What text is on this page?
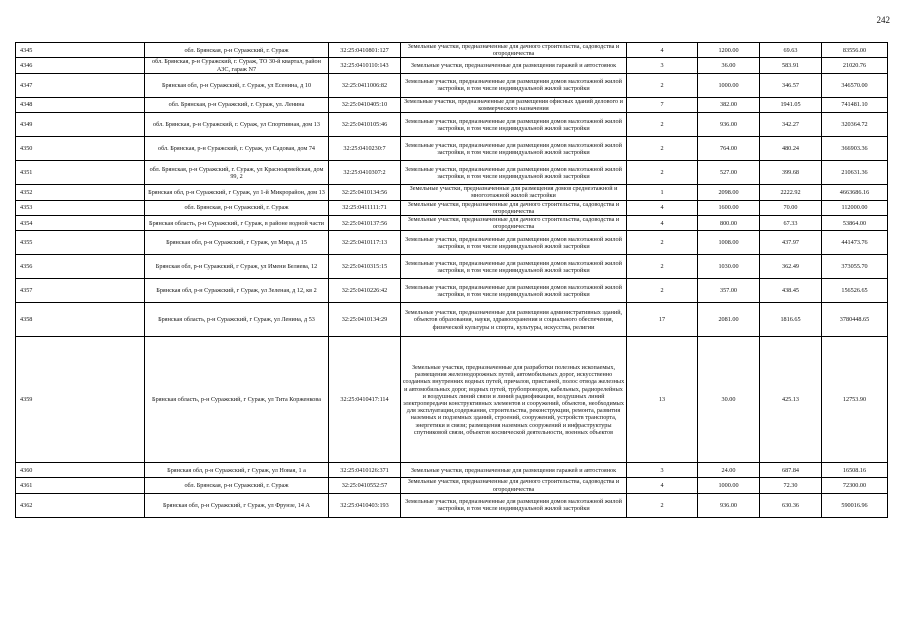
242
4345	обл. Брянская, р-н Суражский, г. Сураж	32:25:0410801:127	Земельные участки, предназначенные для дачного строительства, садоводства и огородничества	4	1200.00	69.63	83556.00
4346	обл. Брянская, р-н Суражский, г. Сураж, ТО 30-й квартал, район АЗС, гараж N7	32:25:0410110:143	Земельные участки, предназначенные для размещения гаражей и автостоянок	3	36.00	583.91	21020.76
4347	Брянская обл, р-н Суражский, г. Сураж, ул Есенина, д 10	32:25:0411006:82	Земельные участки, предназначенные для размещения домов малоэтажной жилой застройки, в том числе индивидуальной жилой застройки	2	1000.00	346.57	346570.00
4348	обл. Брянская, р-н Суражский, г. Сураж, ул. Ленина	32:25:0410405:10	Земельные участки, предназначенные для размещения офисных зданий делового и коммерческого назначения	7	382.00	1941.05	741481.10
4349	обл. Брянская, р-н Суражский, г. Сураж, ул Спортивная, дом 13	32:25:0410105:46	Земельные участки, предназначенные для размещения домов малоэтажной жилой застройки, в том числе индивидуальной жилой застройки	2	936.00	342.27	320364.72
4350	обл. Брянская, р-н Суражский, г. Сураж, ул Садовая, дом 74	32:25:0410230:7	Земельные участки, предназначенные для размещения домов малоэтажной жилой застройки, в том числе индивидуальной жилой застройки	2	764.00	480.24	366903.36
4351	обл. Брянская, р-н Суражский, г. Сураж, ул Красноармейская, дом 99, 2	32:25:0410307:2	Земельные участки, предназначенные для размещения домов малоэтажной жилой застройки, в том числе индивидуальной жилой застройки	2	527.00	399.68	210631.36
4352	Брянская обл, р-н Суражский, г Сураж, ул 1-й Микрорайон, дом 13	32:25:0410134:56	Земельные участки, предназначенные для размещения домов среднеэтажной и многоэтажной жилой застройки	1	2098.00	2222.92	4663686.16
4353	обл. Брянская, р-н Суражский, г. Сураж	32:25:0411111:71	Земельные участки, предназначенные для дачного строительства, садоводства и огородничества	4	1600.00	70.00	112000.00
4354	Брянская область, р-н Суражский, г Сураж, в районе водной части	32:25:0410137:56	Земельные участки, предназначенные для дачного строительства, садоводства и огородничества	4	800.00	67.33	53864.00
4355	Брянская обл, р-н Суражский, г Сураж, ул Мира, д 15	32:25:0410117:13	Земельные участки, предназначенные для размещения домов малоэтажной жилой застройки, в том числе индивидуальной жилой застройки	2	1008.00	437.97	441473.76
4356	Брянская обл, р-н Суражский, г Сураж, ул Имени Беляева, 12	32:25:0410315:15	Земельные участки, предназначенные для размещения домов малоэтажной жилой застройки, в том числе индивидуальной жилой застройки	2	1030.00	362.49	373055.70
4357	Брянская обл, р-н Суражский, г Сураж, ул Зеленая, д 12, кв 2	32:25:0410226:42	Земельные участки, предназначенные для размещения домов малоэтажной жилой застройки, в том числе индивидуальной жилой застройки	2	357.00	438.45	156526.65
4358	Брянская область, р-н Суражский, г Сураж, ул Ленина, д 53	32:25:0410134:29	Земельные участки, предназначенные для размещения административных зданий, объектов образования, науки, здравоохранения и социального обеспечения, физической культуры и спорта, культуры, искусства, религии	17	2081.00	1816.65	3780448.65
4359	Брянская область, р-н Суражский, г Сураж, ул Тита Корженкова	32:25:0410417:114	Земельные участки, предназначенные для разработки полезных ископаемых, размещения железнодорожных путей, автомобильных дорог, искусственно созданных внутренних водных путей, причалов, пристаней, полос отвода железных и автомобильных дорог, водных путей, трубопроводов, кабельных, радиорелейных и воздушных линий связи и линий радиофикации, воздушных линий электропередачи конструктивных элементов и сооружений, объектов, необходимых для эксплуатации,содержания, строительства, реконструкции, ремонта, развития наземных и подземных зданий, строений, сооружений, устройств транспорта, энергетики и связи; размещения наземных сооружений и инфраструктуры спутниковой связи, объектов космической деятельности, военных объектов	13	30.00	425.13	12753.90
4360	Брянская обл, р-н Суражский, г Сураж, ул Новая, 1 а	32:25:0410126:371	Земельные участки, предназначенные для размещения гаражей и автостоянок	3	24.00	687.84	16508.16
4361	обл. Брянская, р-н Суражский, г. Сураж	32:25:0410552:57	Земельные участки, предназначенные для дачного строительства, садоводства и огородничества	4	1000.00	72.30	72300.00
4362	Брянская обл, р-н Суражский, г Сураж, ул Фрунзе, 14 А	32:25:0410403:193	Земельные участки, предназначенные для размещения домов малоэтажной жилой застройки, в том числе индивидуальной жилой застройки	2	936.00	630.36	590016.96
